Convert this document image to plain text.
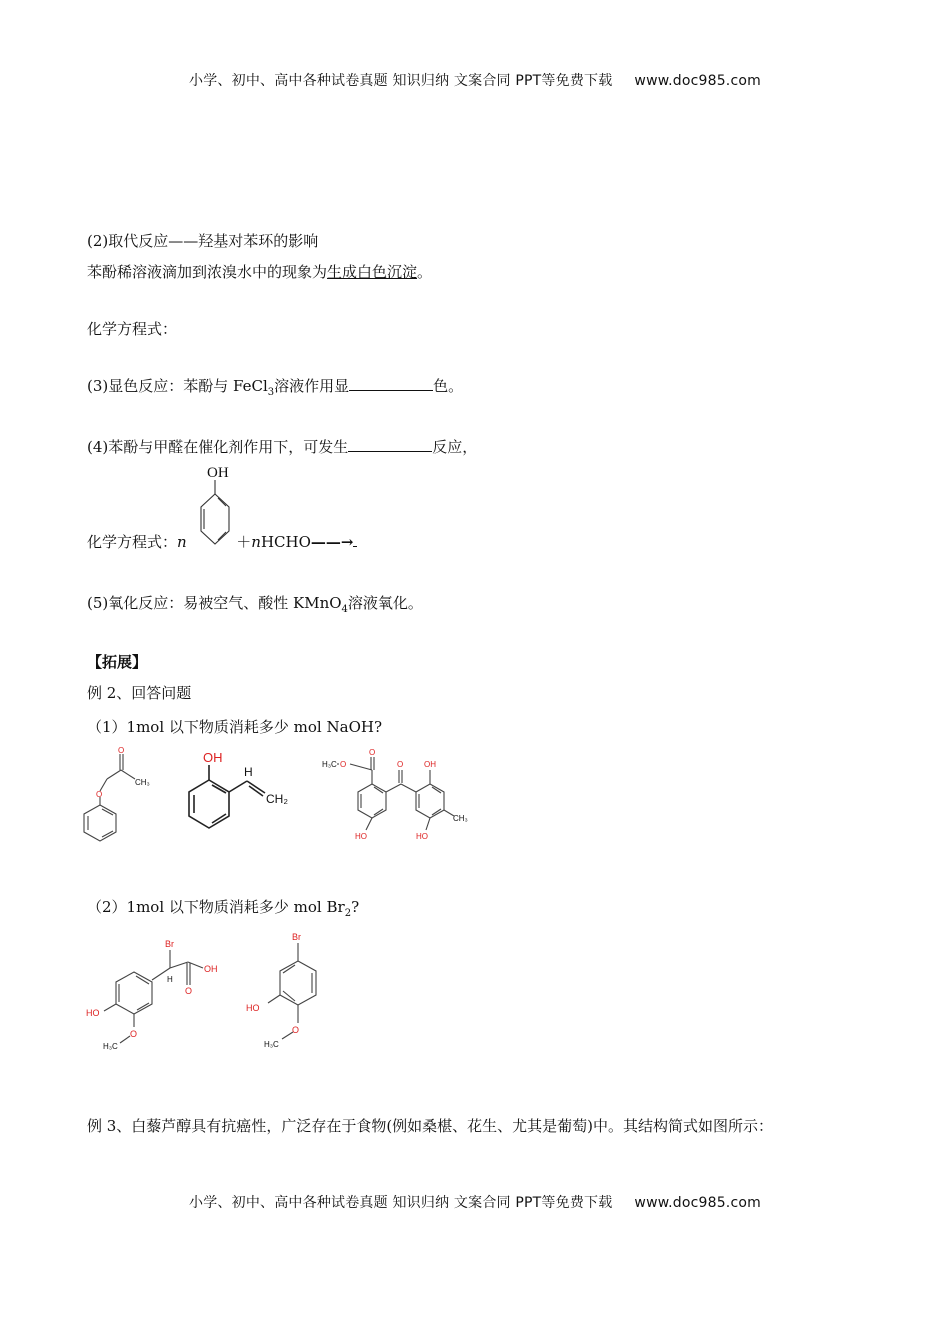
小学、初中、高中各种试卷真题 知识归纳 文案合同 PPT等免费下载 www.doc985.com
(2)取代反应——羟基对苯环的影响
苯酚稀溶液滴加到浓溴水中的现象为生成白色沉淀。
化学方程式：
(3)显色反应：苯酚与 FeCl$_3$溶液作用显	色。
(4)苯酚与甲醛在催化剂作用下，可发生	反应，
化学方程式：n	＋nHCHO——→
OH
(5)氧化反应：易被空气、酸性 KMnO$_4$溶液氧化。
【拓展】
例 2、回答问题
（1）1mol 以下物质消耗多少 mol NaOH?
O
O
CH₃
OH
H
CH₂
H₃C O
O
O	OH
HO	HO
CH₃
（2）1mol 以下物质消耗多少 mol $Br_2$?
Br
H
OH
O
HO
H₃C
O
Br
HO
H₃C
O
例 3、白藜芦醇具有抗癌性，广泛存在于食物(例如桑椹、花生、尤其是葡萄)中。其结构简式如图所示：
小学、初中、高中各种试卷真题 知识归纳 文案合同 PPT等免费下载 www.doc985.com
